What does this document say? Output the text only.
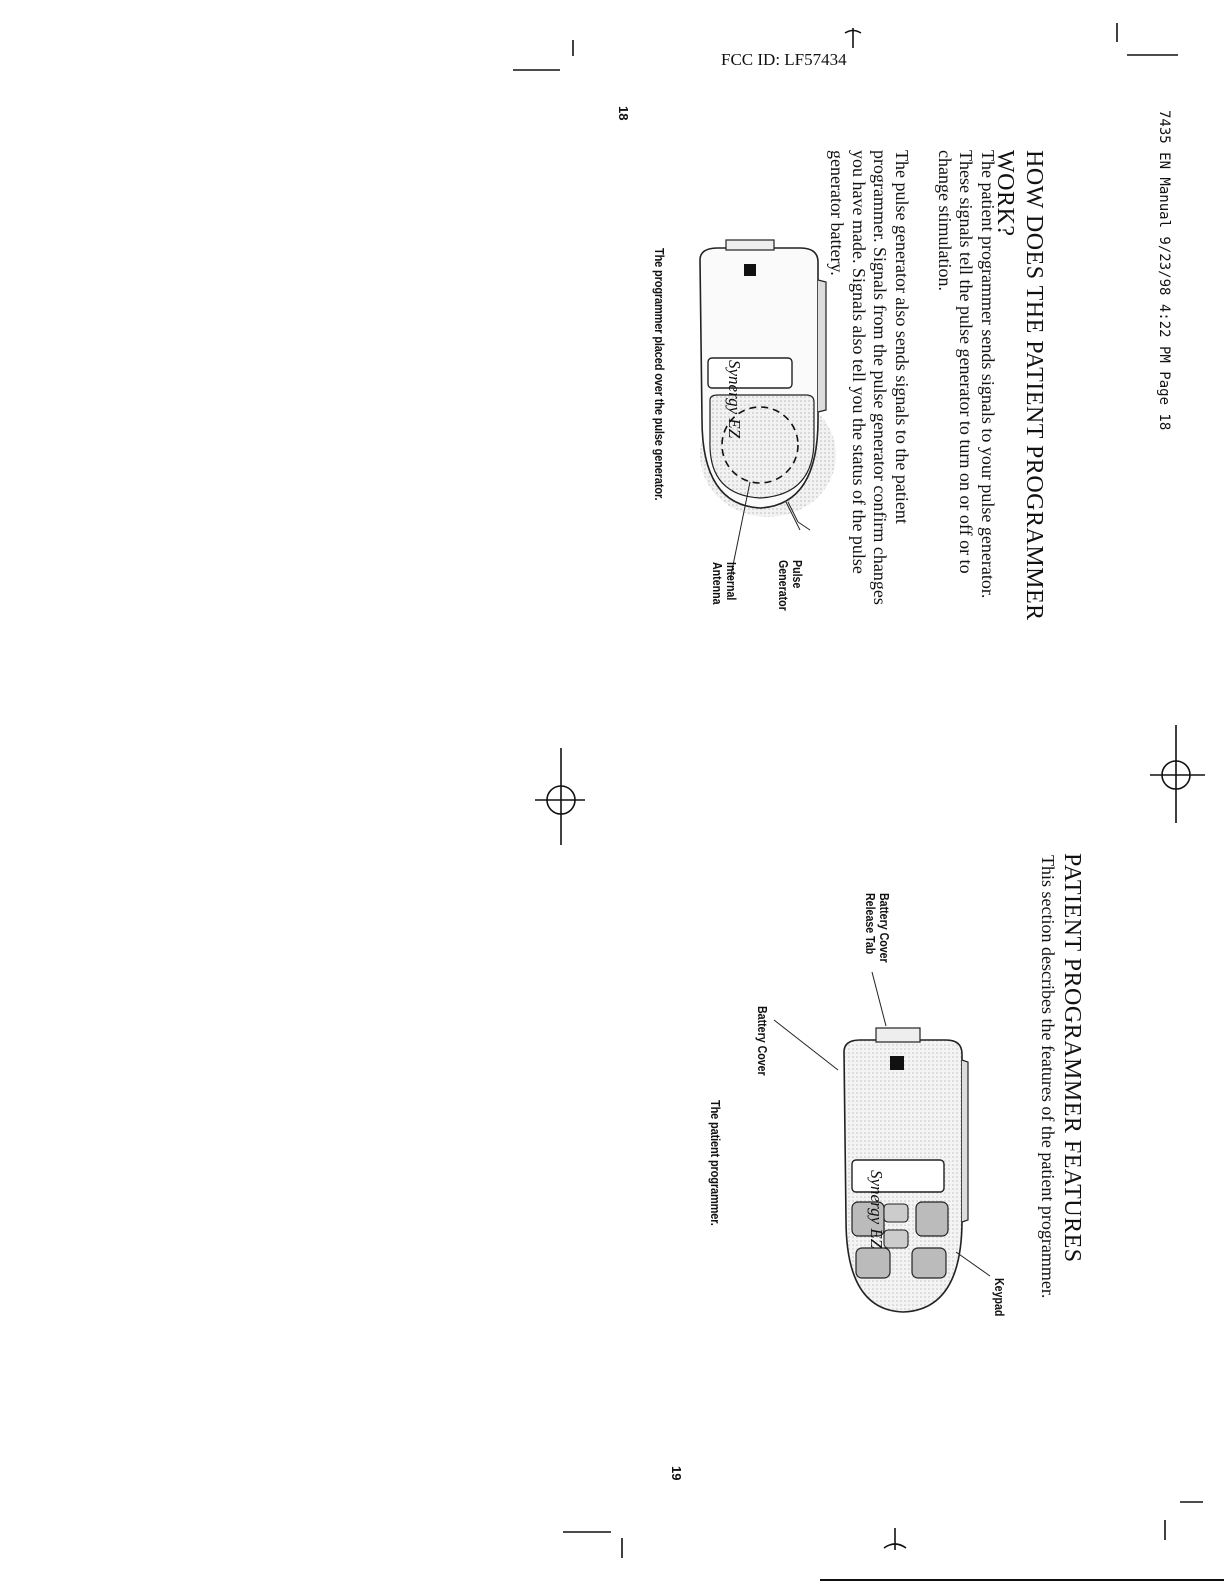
FCC ID: LF57434
7435 EN Manual 9/23/98 4:22 PM Page 18
18
HOW DOES THE PATIENT PROGRAMMER
WORK?
The patient programmer sends signals to your pulse generator.
These signals tell the pulse generator to turn on or off or to
change stimulation.
The pulse generator also sends signals to the patient
programmer. Signals from the pulse generator confirm changes
you have made. Signals also tell you the status of the pulse
generator battery.
Synergy EZ
Pulse
Generator
Internal
Antenna
The programmer placed over the pulse generator.
PATIENT PROGRAMMER FEATURES
This section describes the features of the patient programmer.
Synergy EZ
Battery Cover
Release Tab
Battery Cover
Keypad
The patient programmer.
19
